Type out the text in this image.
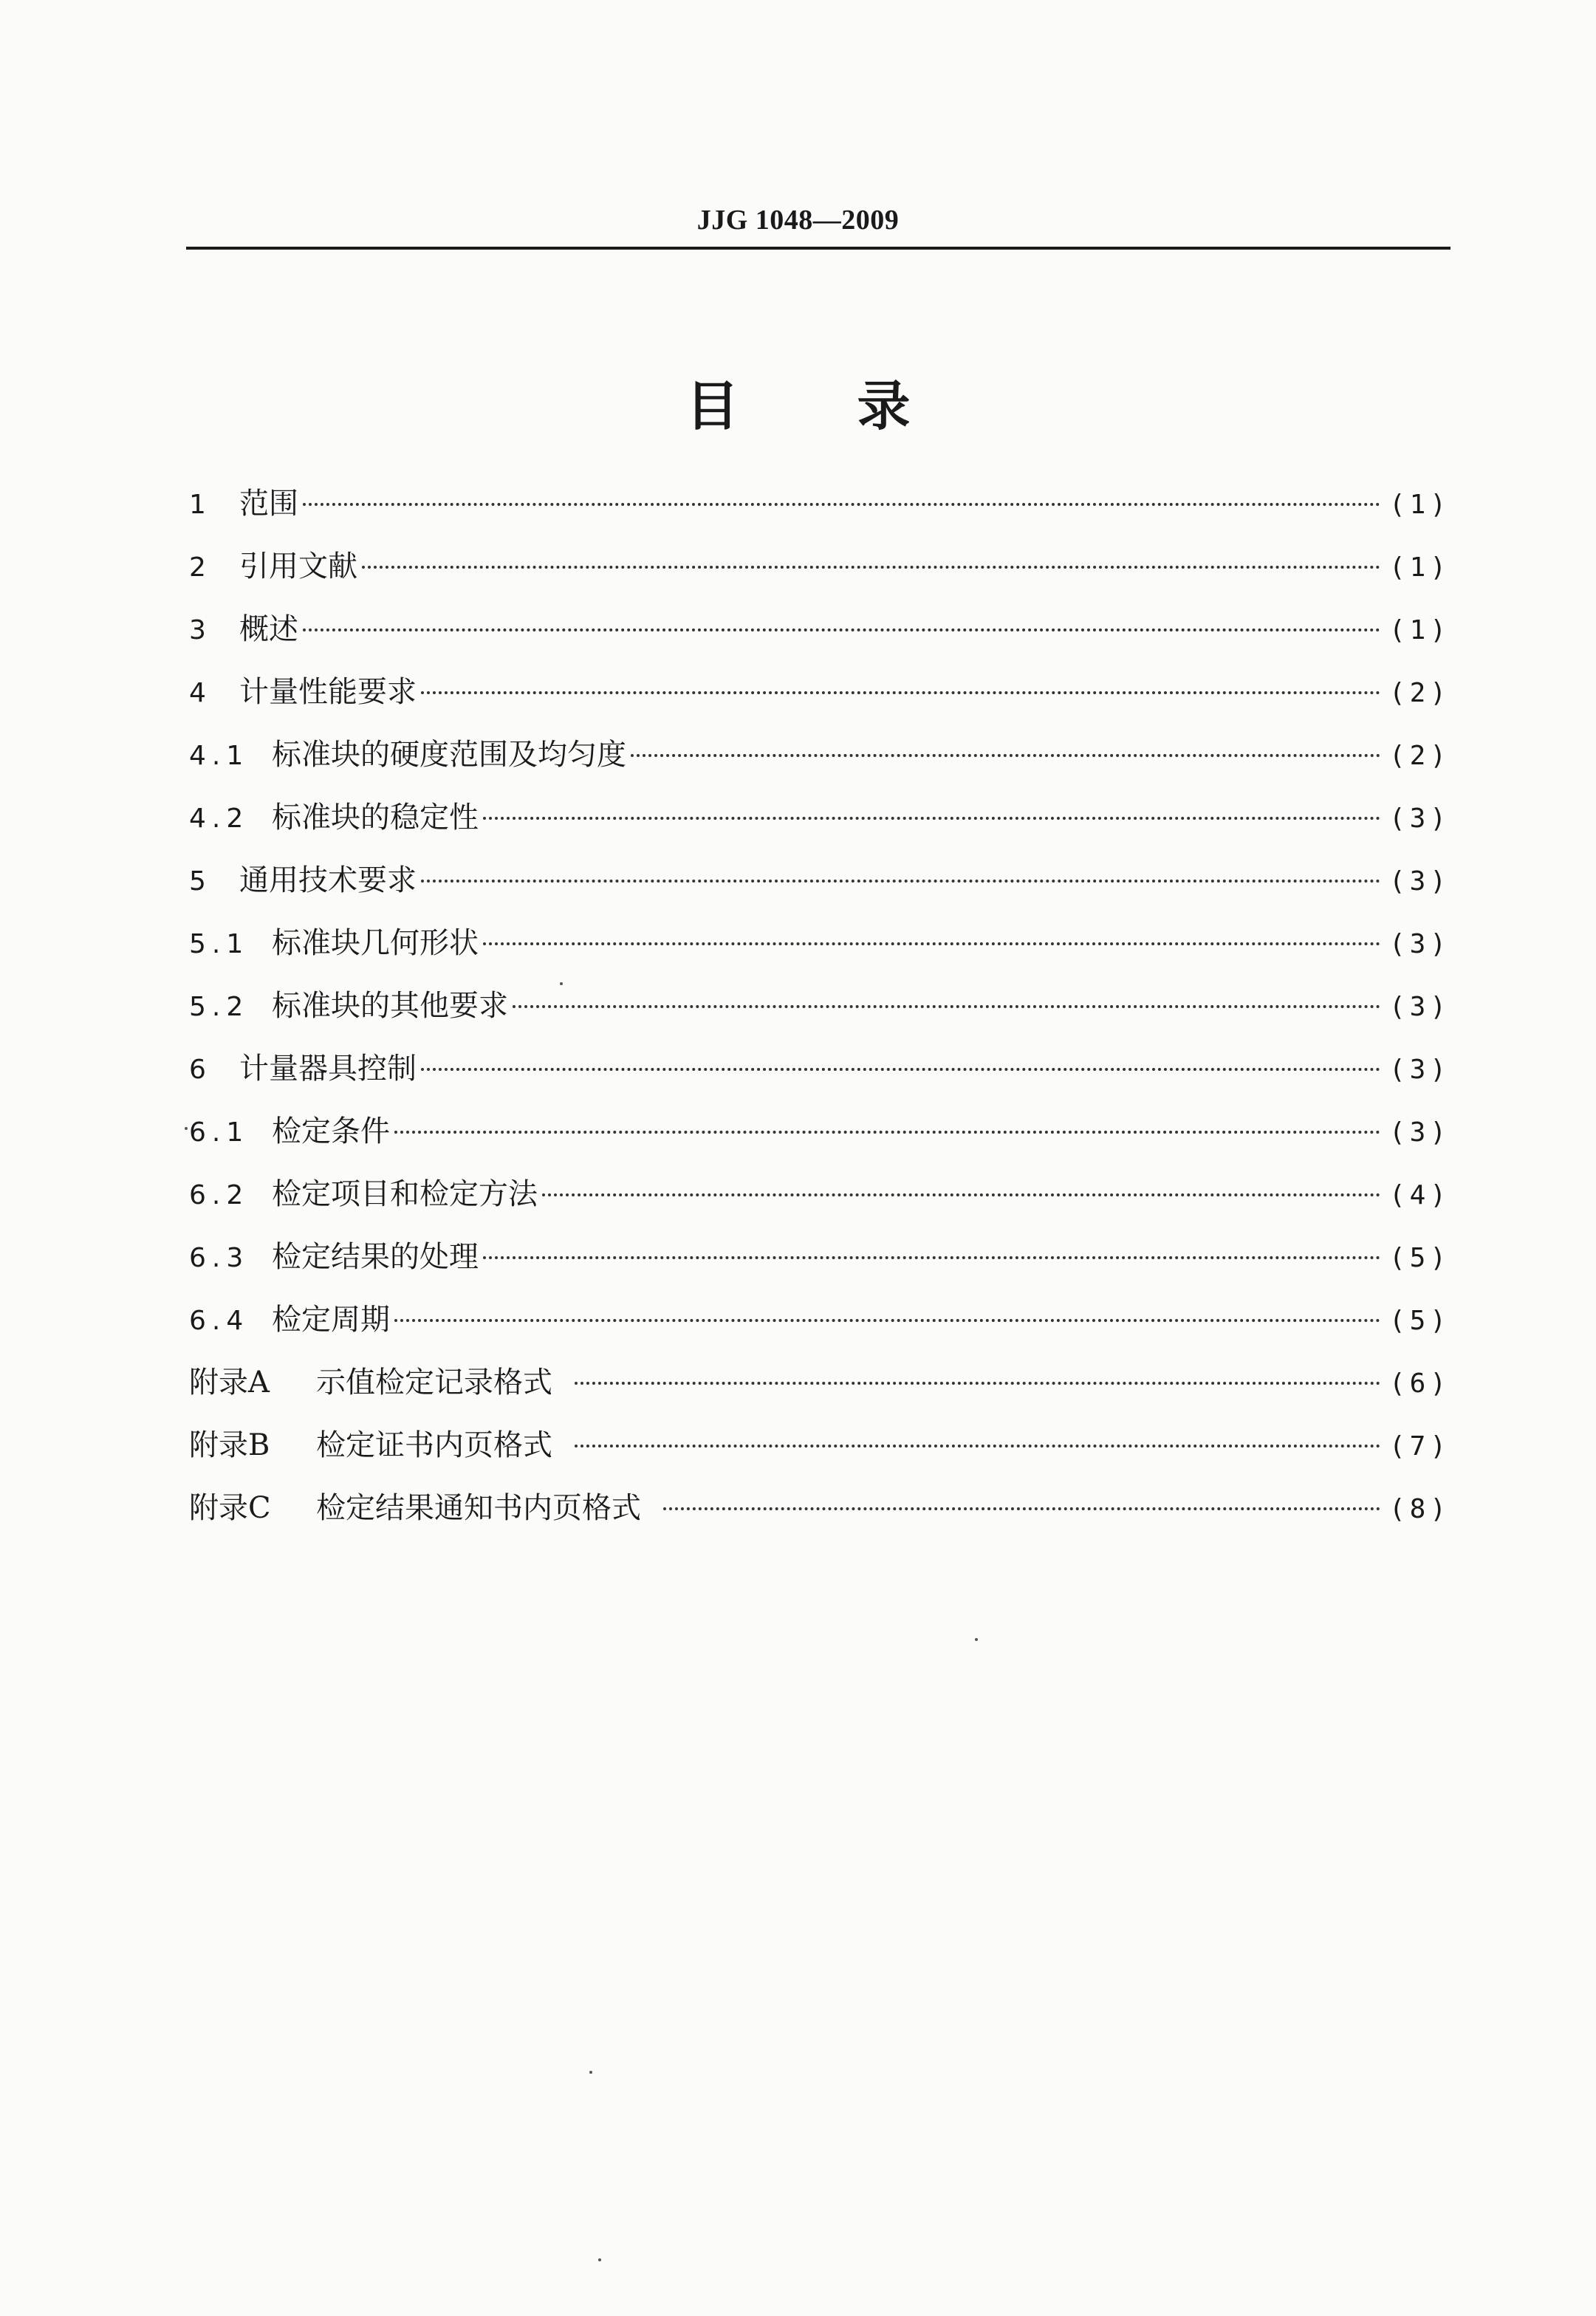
JJG 1048—2009
目录
1 范围	(1)
2 引用文献	(1)
3 概述	(1)
4 计量性能要求	(2)
4.1 标准块的硬度范围及均匀度	(2)
4.2 标准块的稳定性	(3)
5 通用技术要求	(3)
5.1 标准块几何形状	(3)
5.2 标准块的其他要求	(3)
6 计量器具控制	(3)
6.1 检定条件	(3)
6.2 检定项目和检定方法	(4)
6.3 检定结果的处理	(5)
6.4 检定周期	(5)
附录A	示值检定记录格式	(6)
附录B	检定证书内页格式	(7)
附录C	检定结果通知书内页格式	(8)
